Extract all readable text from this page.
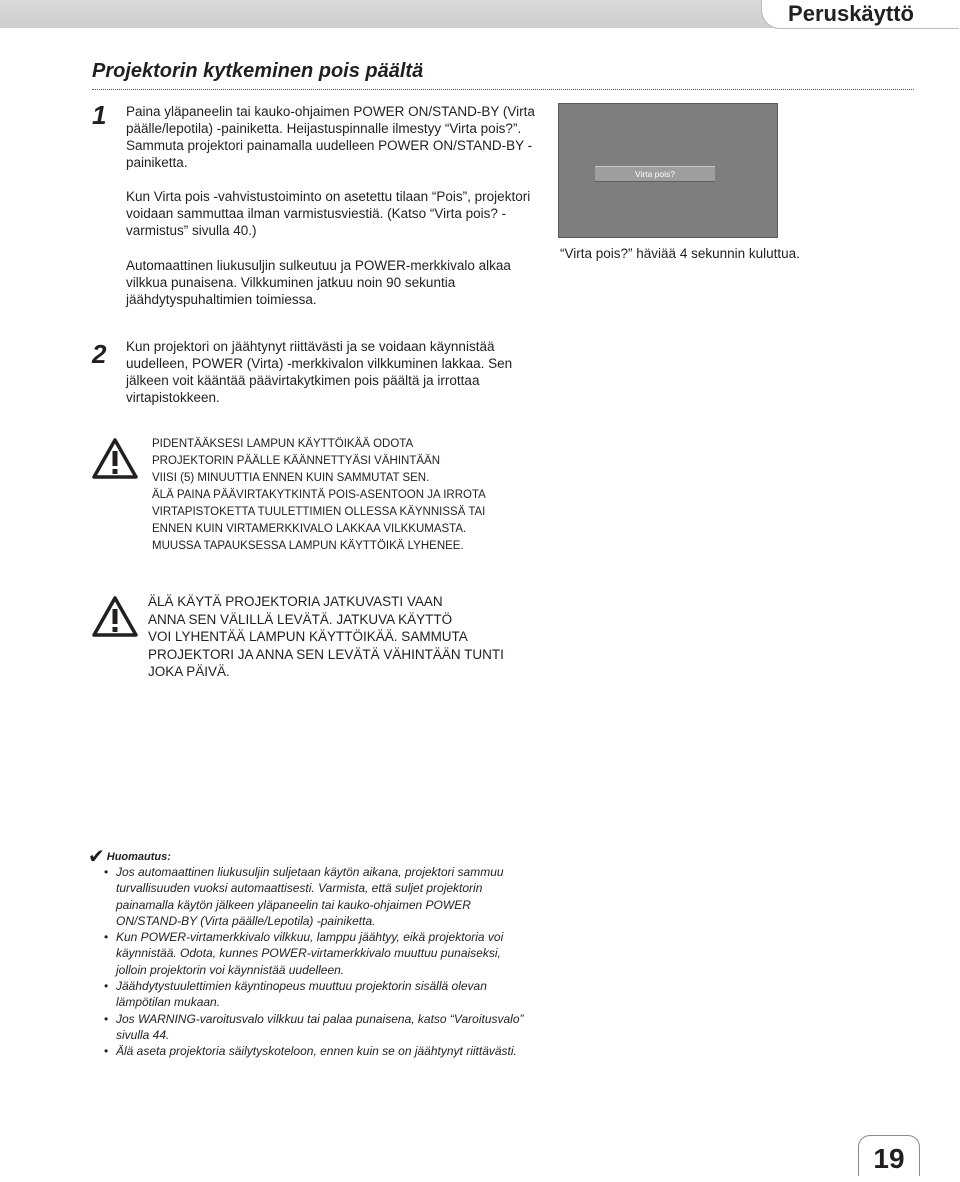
Peruskäyttö
Projektorin kytkeminen pois päältä
1 Paina yläpaneelin tai kauko-ohjaimen POWER ON/STAND-BY (Virta päälle/lepotila) -painiketta. Heijastuspinnalle ilmestyy “Virta pois?”. Sammuta projektori painamalla uudelleen POWER ON/STAND-BY -painiketta.
Kun Virta pois -vahvistustoiminto on asetettu tilaan “Pois”, projektori voidaan sammuttaa ilman varmistusviestiä. (Katso “Virta pois? -varmistus” sivulla 40.)
Automaattinen liukusuljin sulkeutuu ja POWER-merkkivalo alkaa vilkkua punaisena. Vilkkuminen jatkuu noin 90 sekuntia jäähdytyspuhaltimien toimiessa.
Virta pois?
“Virta pois?” häviää 4 sekunnin kuluttua.
2 Kun projektori on jäähtynyt riittävästi ja se voidaan käynnistää uudelleen, POWER (Virta) -merkkivalon vilkkuminen lakkaa. Sen jälkeen voit kääntää päävirtakytkimen pois päältä ja irrottaa virtapistokkeen.
PIDENTÄÄKSESI LAMPUN KÄYTTÖIKÄÄ ODOTA
PROJEKTORIN PÄÄLLE KÄÄNNETTYÄSI VÄHINTÄÄN
VIISI (5) MINUUTTIA ENNEN KUIN SAMMUTAT SEN.
ÄLÄ PAINA PÄÄVIRTAKYTKINTÄ POIS-ASENTOON JA IRROTA
VIRTAPISTOKETTA TUULETTIMIEN OLLESSA KÄYNNISSÄ TAI
ENNEN KUIN VIRTAMERKKIVALO LAKKAA VILKKUMASTA.
MUUSSA TAPAUKSESSA LAMPUN KÄYTTÖIKÄ LYHENEE.
ÄLÄ KÄYTÄ PROJEKTORIA JATKUVASTI VAAN
ANNA SEN VÄLILLÄ LEVÄTÄ. JATKUVA KÄYTTÖ
VOI LYHENTÄÄ LAMPUN KÄYTTÖIKÄÄ. SAMMUTA
PROJEKTORI JA ANNA SEN LEVÄTÄ VÄHINTÄÄN TUNTI
JOKA PÄIVÄ.
✔ Huomautus:
• Jos automaattinen liukusuljin suljetaan käytön aikana, projektori sammuu turvallisuuden vuoksi automaattisesti. Varmista, että suljet projektorin painamalla käytön jälkeen yläpaneelin tai kauko-ohjaimen POWER ON/STAND-BY (Virta päälle/Lepotila) -painiketta.
• Kun POWER-virtamerkkivalo vilkkuu, lamppu jäähtyy, eikä projektoria voi käynnistää. Odota, kunnes POWER-virtamerkkivalo muuttuu punaiseksi, jolloin projektorin voi käynnistää uudelleen.
• Jäähdytystuulettimien käyntinopeus muuttuu projektorin sisällä olevan lämpötilan mukaan.
• Jos WARNING-varoitusvalo vilkkuu tai palaa punaisena, katso “Varoitusvalo” sivulla 44.
• Älä aseta projektoria säilytyskoteloon, ennen kuin se on jäähtynyt riittävästi.
19
